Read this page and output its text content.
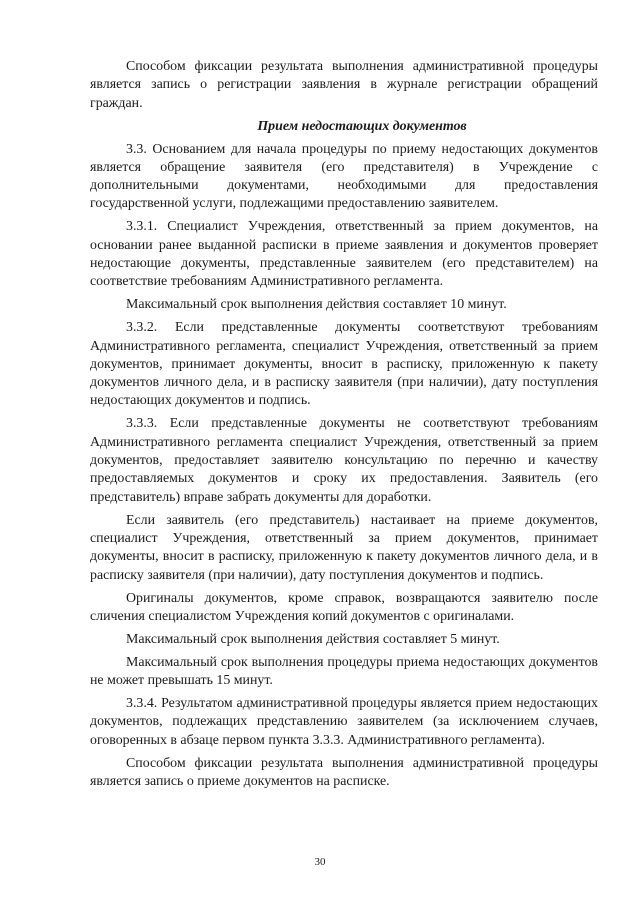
Способом фиксации результата выполнения административной процедуры является запись о регистрации заявления в журнале регистрации обращений граждан.

Прием недостающих документов

3.3. Основанием для начала процедуры по приему недостающих документов является обращение заявителя (его представителя) в Учреждение с дополнительными документами, необходимыми для предоставления государственной услуги, подлежащими предоставлению заявителем.

3.3.1. Специалист Учреждения, ответственный за прием документов, на основании ранее выданной расписки в приеме заявления и документов проверяет недостающие документы, представленные заявителем (его представителем) на соответствие требованиям Административного регламента.

Максимальный срок выполнения действия составляет 10 минут.

3.3.2. Если представленные документы соответствуют требованиям Административного регламента, специалист Учреждения, ответственный за прием документов, принимает документы, вносит в расписку, приложенную к пакету документов личного дела, и в расписку заявителя (при наличии), дату поступления недостающих документов и подпись.

3.3.3. Если представленные документы не соответствуют требованиям Административного регламента специалист Учреждения, ответственный за прием документов, предоставляет заявителю консультацию по перечню и качеству предоставляемых документов и сроку их предоставления. Заявитель (его представитель) вправе забрать документы для доработки.

Если заявитель (его представитель) настаивает на приеме документов, специалист Учреждения, ответственный за прием документов, принимает документы, вносит в расписку, приложенную к пакету документов личного дела, и в расписку заявителя (при наличии), дату поступления документов и подпись.

Оригиналы документов, кроме справок, возвращаются заявителю после сличения специалистом Учреждения копий документов с оригиналами.

Максимальный срок выполнения действия составляет 5 минут.

Максимальный срок выполнения процедуры приема недостающих документов не может превышать 15 минут.

3.3.4. Результатом административной процедуры является прием недостающих документов, подлежащих представлению заявителем (за исключением случаев, оговоренных в абзаце первом пункта 3.3.3. Административного регламента).

Способом фиксации результата выполнения административной процедуры является запись о приеме документов на расписке.

30
